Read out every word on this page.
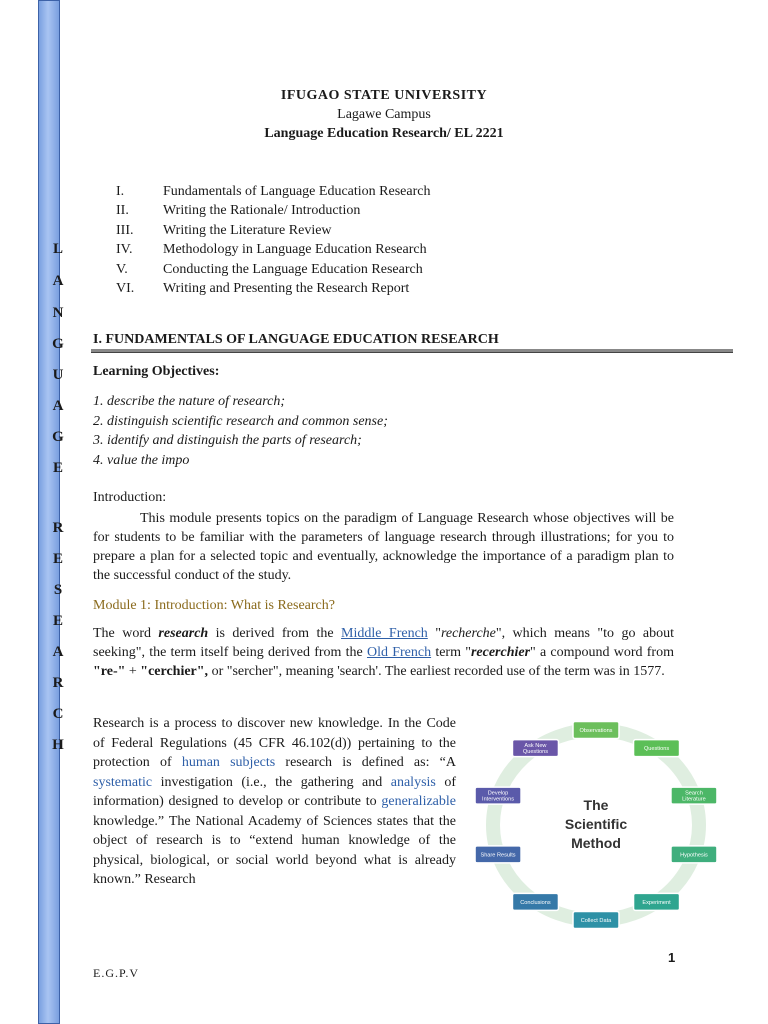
L
A
N
G
U
A
G
E
R
E
S
E
A
R
C
H
IFUGAO STATE UNIVERSITY
Lagawe Campus
Language Education Research/ EL 2221
I.	Fundamentals of Language Education Research
II.	Writing the Rationale/ Introduction
III.	Writing the Literature Review
IV.	Methodology in Language Education Research
V.	Conducting the Language Education Research
VI.	Writing and Presenting the Research Report
I. FUNDAMENTALS OF LANGUAGE EDUCATION RESEARCH
Learning Objectives:
1. describe the nature of research;
2. distinguish scientific research and common sense;
3. identify and distinguish the parts of research;
4. value the impo
Introduction:
This module presents topics on the paradigm of Language Research whose objectives will be for students to be familiar with the parameters of language research through illustrations; for you to prepare a plan for a selected topic and eventually, acknowledge the importance of a paradigm plan to the successful conduct of the study.
Module 1: Introduction: What is Research?
The word research is derived from the Middle French "recherche", which means "to go about seeking", the term itself being derived from the Old French term "recerchier" a compound word from "re-" + "cerchier", or "sercher", meaning 'search'. The earliest recorded use of the term was in 1577.
Research is a process to discover new knowledge. In the Code of Federal Regulations (45 CFR 46.102(d)) pertaining to the protection of human subjects research is defined as: “A systematic investigation (i.e., the gathering and analysis of information) designed to develop or contribute to generalizable knowledge.” The National Academy of Sciences states that the object of research is to “extend human knowledge of the physical, biological, or social world beyond what is already known.” Research
The Scientific Method
Observations
Questions
Search Literature
Hypothesis
Experiment
Collect Data
Conclusions
Share Results
Develop Interventions
Ask New Questions
1
E.G.P.V
